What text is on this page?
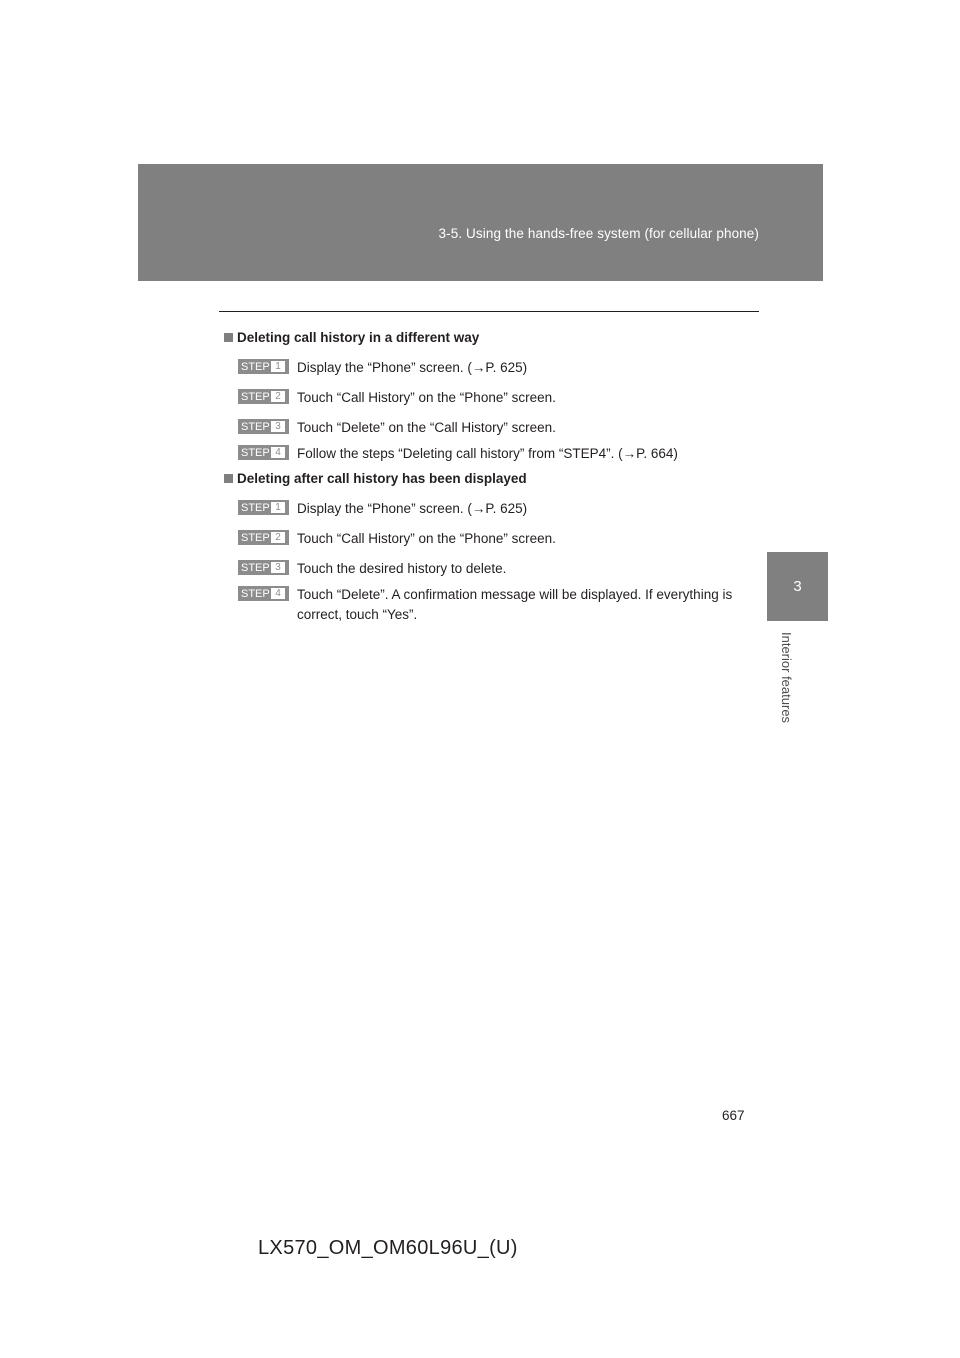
3-5. Using the hands-free system (for cellular phone)
3
Interior features
Deleting call history in a different way
STEP 1	Display the “Phone” screen. (→P. 625)
STEP 2	Touch “Call History” on the “Phone” screen.
STEP 3	Touch “Delete” on the “Call History” screen.
STEP 4	Follow the steps “Deleting call history” from “STEP4”. (→P. 664)
Deleting after call history has been displayed
STEP 1	Display the “Phone” screen. (→P. 625)
STEP 2	Touch “Call History” on the “Phone” screen.
STEP 3	Touch the desired history to delete.
STEP 4	Touch “Delete”. A confirmation message will be displayed. If everything is correct, touch “Yes”.
667
LX570_OM_OM60L96U_(U)
